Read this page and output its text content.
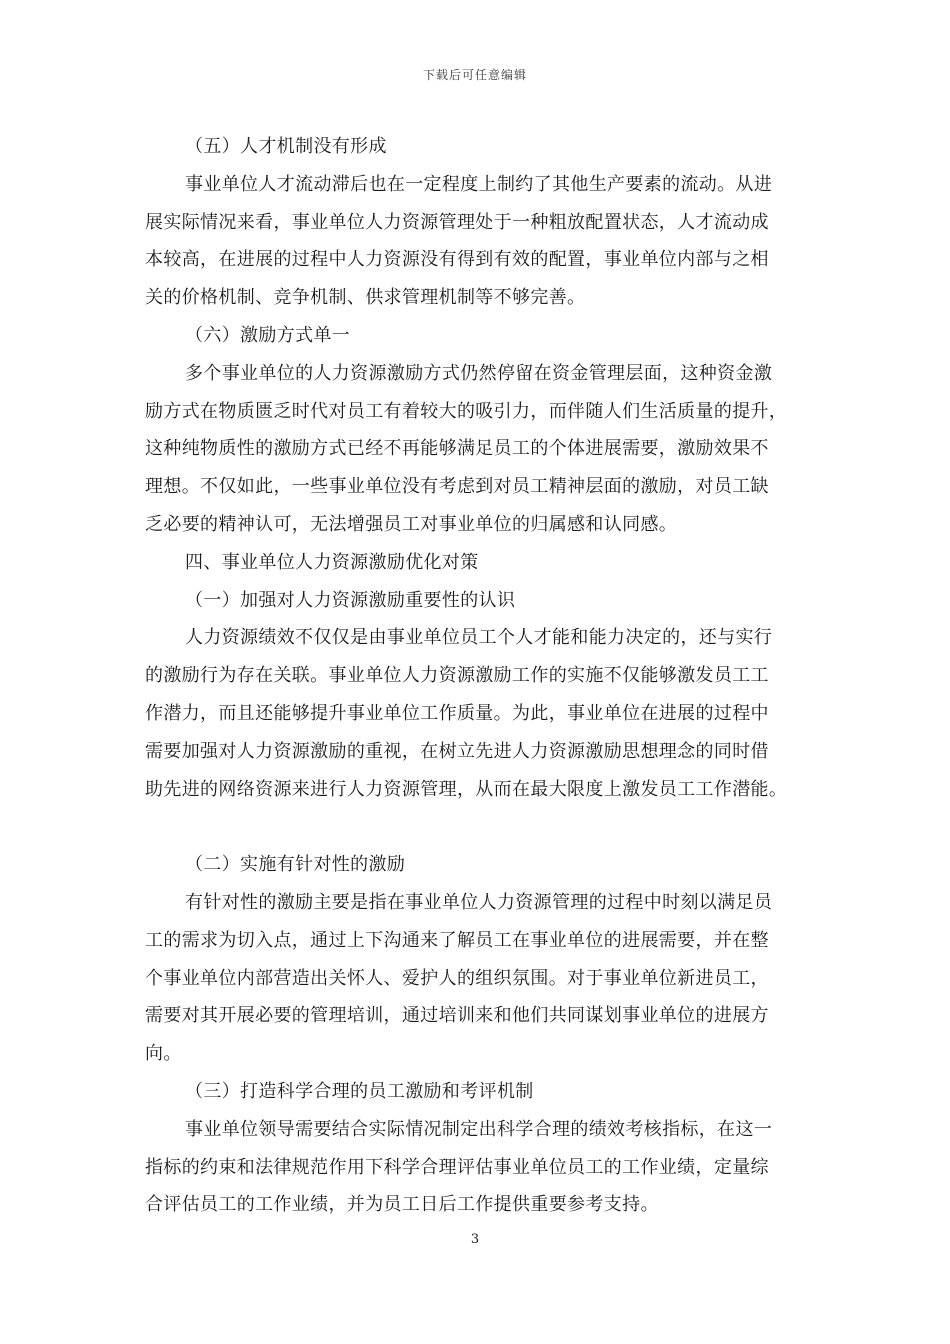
下载后可任意编辑
（五）人才机制没有形成
事业单位人才流动滞后也在一定程度上制约了其他生产要素的流动。从进
展实际情况来看，事业单位人力资源管理处于一种粗放配置状态，人才流动成
本较高，在进展的过程中人力资源没有得到有效的配置，事业单位内部与之相
关的价格机制、竞争机制、供求管理机制等不够完善。
（六）激励方式单一
多个事业单位的人力资源激励方式仍然停留在资金管理层面，这种资金激
励方式在物质匮乏时代对员工有着较大的吸引力，而伴随人们生活质量的提升，
这种纯物质性的激励方式已经不再能够满足员工的个体进展需要，激励效果不
理想。不仅如此，一些事业单位没有考虑到对员工精神层面的激励，对员工缺
乏必要的精神认可，无法增强员工对事业单位的归属感和认同感。
四、事业单位人力资源激励优化对策
（一）加强对人力资源激励重要性的认识
人力资源绩效不仅仅是由事业单位员工个人才能和能力决定的，还与实行
的激励行为存在关联。事业单位人力资源激励工作的实施不仅能够激发员工工
作潜力，而且还能够提升事业单位工作质量。为此，事业单位在进展的过程中
需要加强对人力资源激励的重视，在树立先进人力资源激励思想理念的同时借
助先进的网络资源来进行人力资源管理，从而在最大限度上激发员工工作潜能。
（二）实施有针对性的激励
有针对性的激励主要是指在事业单位人力资源管理的过程中时刻以满足员
工的需求为切入点，通过上下沟通来了解员工在事业单位的进展需要，并在整
个事业单位内部营造出关怀人、爱护人的组织氛围。对于事业单位新进员工，
需要对其开展必要的管理培训，通过培训来和他们共同谋划事业单位的进展方
向。
（三）打造科学合理的员工激励和考评机制
事业单位领导需要结合实际情况制定出科学合理的绩效考核指标，在这一
指标的约束和法律规范作用下科学合理评估事业单位员工的工作业绩，定量综
合评估员工的工作业绩，并为员工日后工作提供重要参考支持。
3
